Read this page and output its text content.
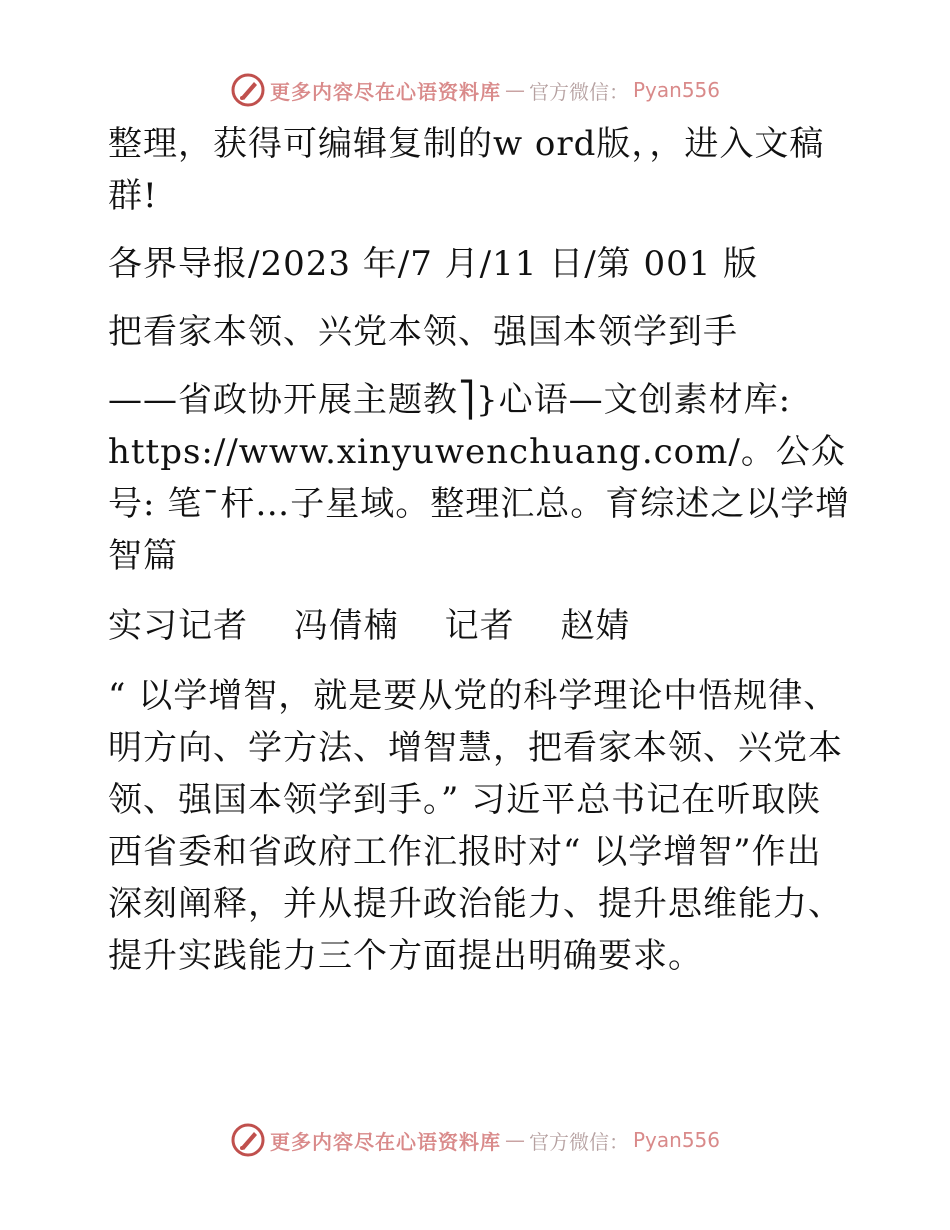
更多内容尽在心语资料库 — 官方微信： Pyan556

整理，获得可编辑复制的w ord版，，进入文稿群!

各界导报/2023 年/7 月/11 日/第 001 版

把看家本领、兴党本领、强国本领学到手

——省政协开展主题教⎤}心语—文创素材库: https://www.xinyuwenchuang.com/。公众号: 笔¯杆…子星域。整理汇总。育综述之以学增智篇

实习记者 冯倩楠 记者 赵婧

“ 以学增智，就是要从党的科学理论中悟规律、明方向、学方法、增智慧，把看家本领、兴党本领、强国本领学到手。” 习近平总书记在听取陕西省委和省政府工作汇报时对“ 以学增智”作出深刻阐释，并从提升政治能力、提升思维能力、提升实践能力三个方面提出明确要求。

更多内容尽在心语资料库 — 官方微信： Pyan556
